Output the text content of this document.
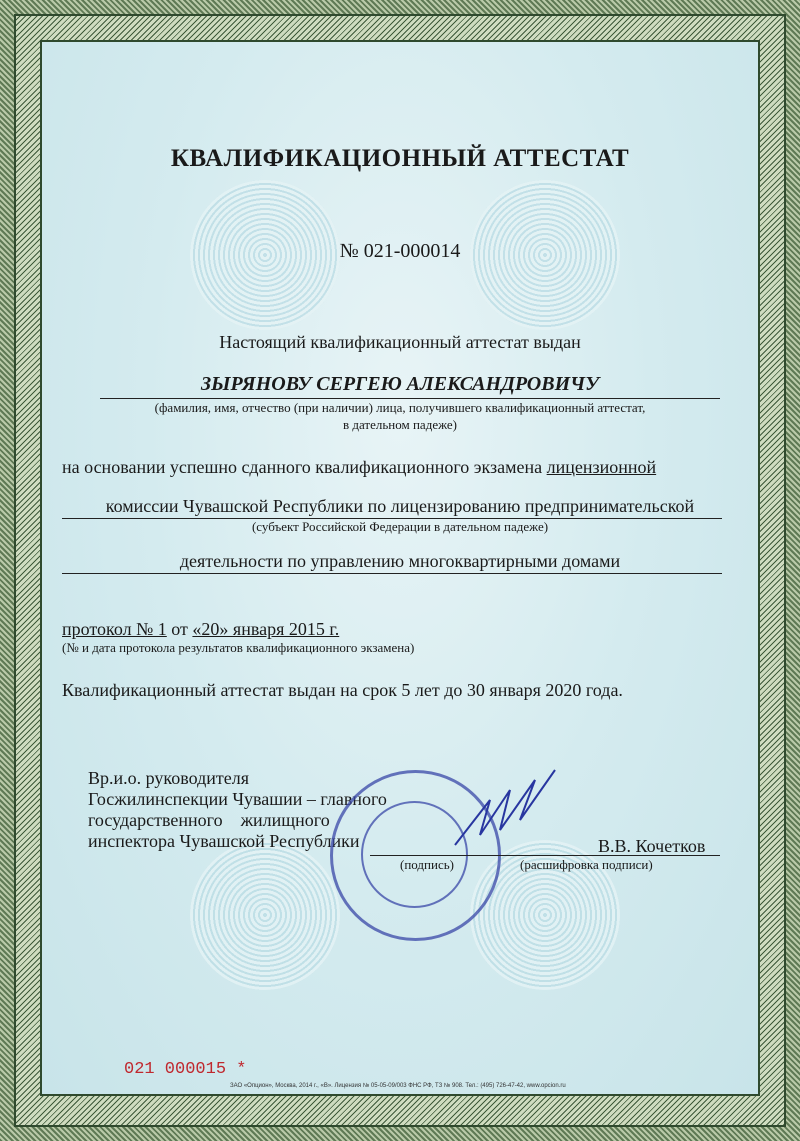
КВАЛИФИКАЦИОННЫЙ АТТЕСТАТ
№ 021-000014
Настоящий квалификационный аттестат выдан
ЗЫРЯНОВУ СЕРГЕЮ АЛЕКСАНДРОВИЧУ
(фамилия, имя, отчество (при наличии) лица, получившего квалификационный аттестат,
в дательном падеже)
на основании успешно сданного квалификационного экзамена лицензионной
комиссии Чувашской Республики по лицензированию предпринимательской
(субъект Российской Федерации в дательном падеже)
деятельности по управлению многоквартирными домами
протокол № 1 от «20» января 2015 г.
(№ и дата протокола результатов квалификационного экзамена)
Квалификационный аттестат выдан на срок 5 лет до 30 января 2020 года.
Вр.и.о. руководителя
Госжилинспекции Чувашии – главного
государственного    жилищного
инспектора Чувашской Республики
(подпись)
В.В. Кочетков
(расшифровка подписи)
021 000015 *
ЗАО «Опцион», Москва, 2014 г., «В». Лицензия № 05-05-09/003 ФНС РФ, ТЗ № 908. Тел.: (495) 726-47-42, www.opcion.ru
